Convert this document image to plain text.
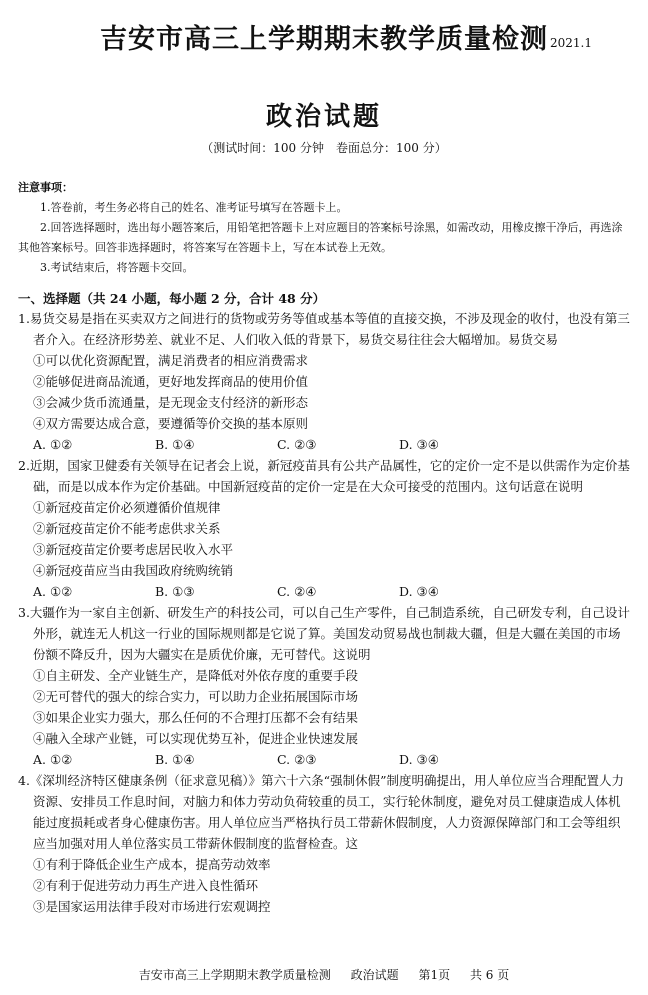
吉安市高三上学期期末教学质量检测 2021.1
政治试题
（测试时间：100 分钟　卷面总分：100 分）
注意事项：
1.答卷前，考生务必将自己的姓名、准考证号填写在答题卡上。
2.回答选择题时，选出每小题答案后，用铅笔把答题卡上对应题目的答案标号涂黑，如需改动，用橡皮擦干净后，再选涂其他答案标号。回答非选择题时，将答案写在答题卡上，写在本试卷上无效。
3.考试结束后，将答题卡交回。
一、选择题（共 24 小题，每小题 2 分，合计 48 分）
1.易货交易是指在买卖双方之间进行的货物或劳务等值或基本等值的直接交换，不涉及现金的收付，也没有第三者介入。在经济形势差、就业不足、人们收入低的背景下，易货交易往往会大幅增加。易货交易
①可以优化资源配置，满足消费者的相应消费需求
②能够促进商品流通，更好地发挥商品的使用价值
③会减少货币流通量，是无现金支付经济的新形态
④双方需要达成合意，要遵循等价交换的基本原则
A. ①②	B. ①④	C. ②③	D. ③④
2.近期，国家卫健委有关领导在记者会上说，新冠疫苗具有公共产品属性，它的定价一定不是以供需作为定价基础，而是以成本作为定价基础。中国新冠疫苗的定价一定是在大众可接受的范围内。这句话意在说明
①新冠疫苗定价必须遵循价值规律
②新冠疫苗定价不能考虑供求关系
③新冠疫苗定价要考虑居民收入水平
④新冠疫苗应当由我国政府统购统销
A. ①②	B. ①③	C. ②④	D. ③④
3.大疆作为一家自主创新、研发生产的科技公司，可以自己生产零件，自己制造系统，自己研发专利，自己设计外形，就连无人机这一行业的国际规则都是它说了算。美国发动贸易战也制裁大疆，但是大疆在美国的市场份额不降反升，因为大疆实在是质优价廉，无可替代。这说明
①自主研发、全产业链生产，是降低对外依存度的重要手段
②无可替代的强大的综合实力，可以助力企业拓展国际市场
③如果企业实力强大，那么任何的不合理打压都不会有结果
④融入全球产业链，可以实现优势互补，促进企业快速发展
A. ①②	B. ①④	C. ②③	D. ③④
4.《深圳经济特区健康条例（征求意见稿）》第六十六条“强制休假”制度明确提出，用人单位应当合理配置人力资源、安排员工作息时间，对脑力和体力劳动负荷较重的员工，实行轮休制度，避免对员工健康造成人体机能过度损耗或者身心健康伤害。用人单位应当严格执行员工带薪休假制度，人力资源保障部门和工会等组织应当加强对用人单位落实员工带薪休假制度的监督检查。这
①有利于降低企业生产成本，提高劳动效率
②有利于促进劳动力再生产进入良性循环
③是国家运用法律手段对市场进行宏观调控
吉安市高三上学期期末教学质量检测 政治试题 第1页 共 6 页
